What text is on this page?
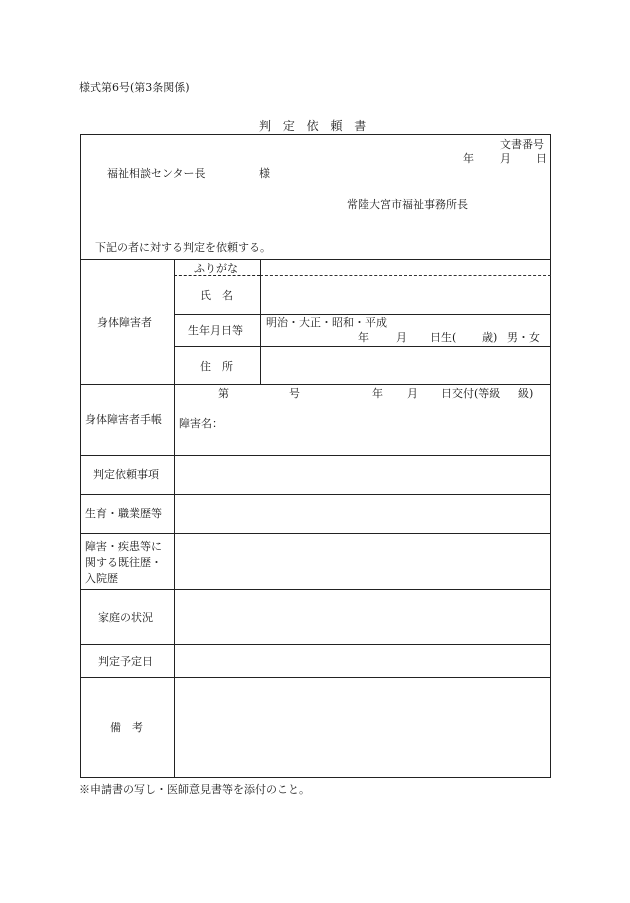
様式第6号(第3条関係)
判 定 依 頼 書
文書番号
年 月 日
福祉相談センター長	様
常陸大宮市福祉事務所長
下記の者に対する判定を依頼する。
身体障害者
ふりがな
氏　名
生年月日等
明治・大正・昭和・平成
年 月 日生( 歳) 男・女
住　所
身体障害者手帳
第	号	年 月 日交付(等級 級)
障害名：
判定依頼事項
生育・職業歴等
障害・疾患等に関する既往歴・入院歴
家庭の状況
判定予定日
備　考
※申請書の写し・医師意見書等を添付のこと。
